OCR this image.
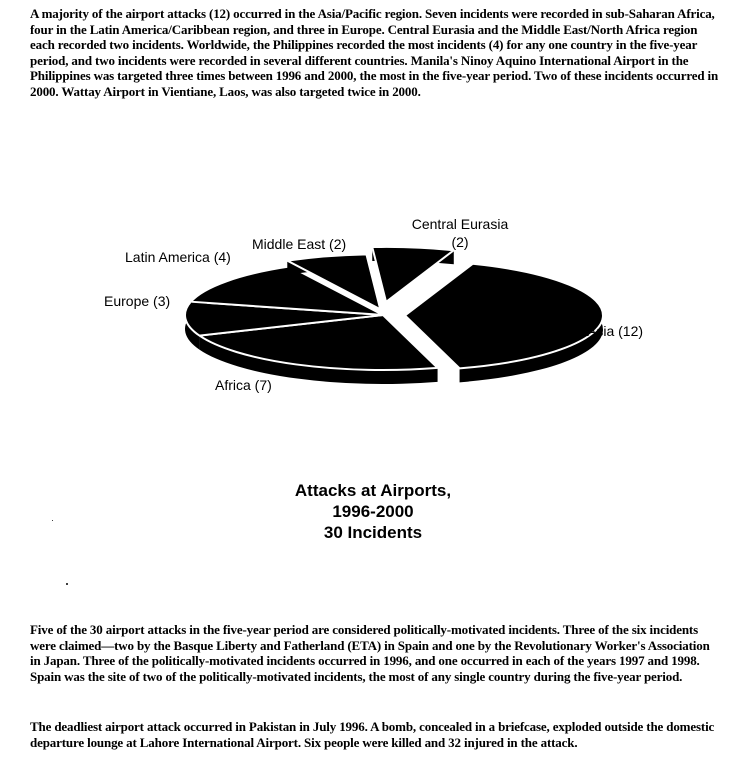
A majority of the airport attacks (12) occurred in the Asia/Pacific region. Seven incidents were recorded in sub-Saharan Africa, four in the Latin America/Caribbean region, and three in Europe. Central Eurasia and the Middle East/North Africa region each recorded two incidents. Worldwide, the Philippines recorded the most incidents (4) for any one country in the five-year period, and two incidents were recorded in several different countries. Manila's Ninoy Aquino International Airport in the Philippines was targeted three times between 1996 and 2000, the most in the five-year period. Two of these incidents occurred in 2000. Wattay Airport in Vientiane, Laos, was also targeted twice in 2000.
Asia (12)
Africa (7)
Europe (3)
Latin America (4)
Middle East (2)
Central Eurasia (2)
Attacks at Airports,
1996-2000
30 Incidents
Five of the 30 airport attacks in the five-year period are considered politically-motivated incidents. Three of the six incidents were claimed—two by the Basque Liberty and Fatherland (ETA) in Spain and one by the Revolutionary Worker's Association in Japan. Three of the politically-motivated incidents occurred in 1996, and one occurred in each of the years 1997 and 1998. Spain was the site of two of the politically-motivated incidents, the most of any single country during the five-year period.
The deadliest airport attack occurred in Pakistan in July 1996. A bomb, concealed in a briefcase, exploded outside the domestic departure lounge at Lahore International Airport. Six people were killed and 32 injured in the attack.
